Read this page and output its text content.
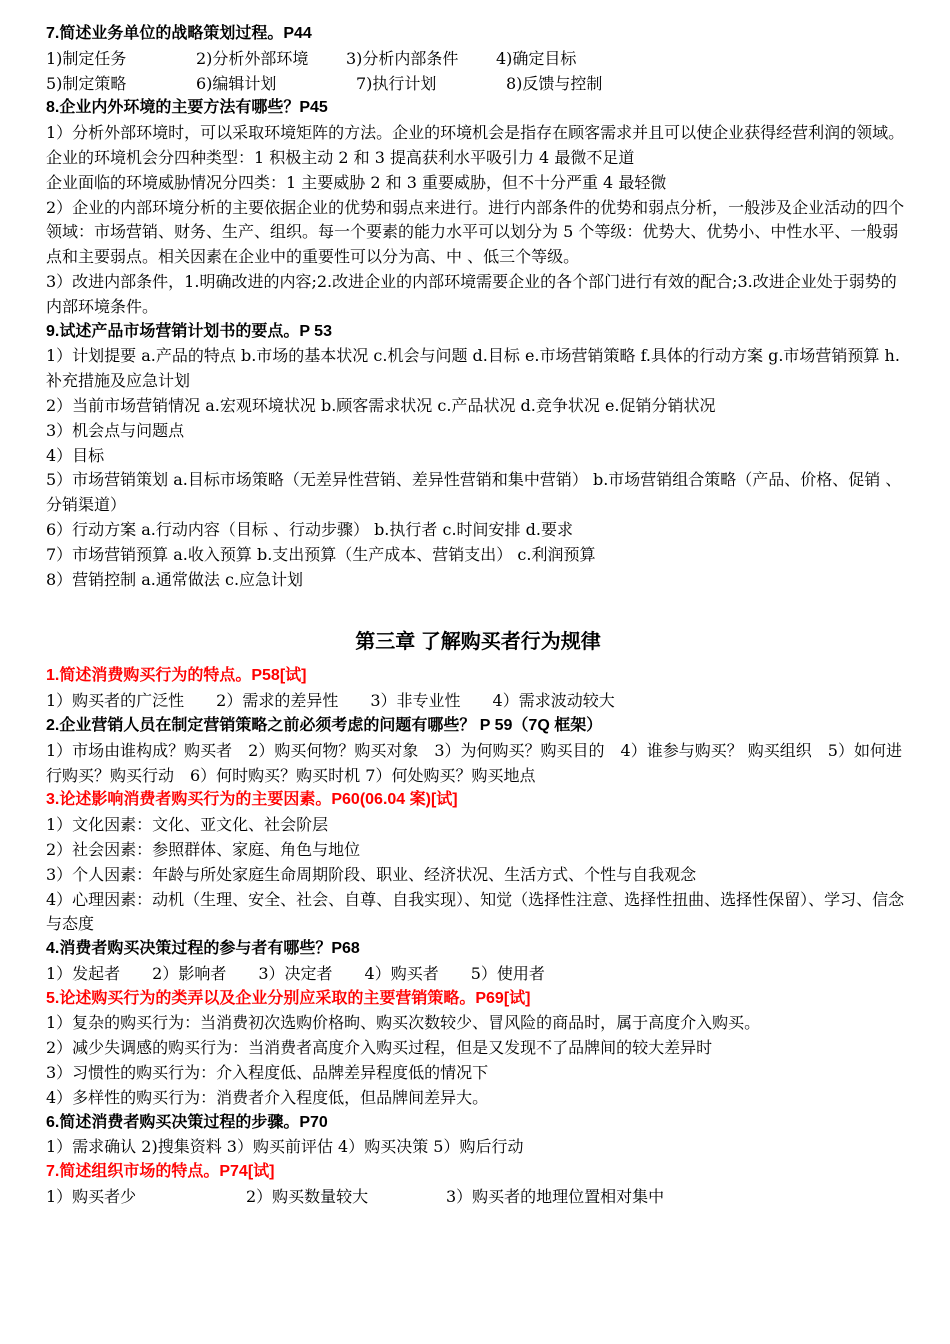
7.简述业务单位的战略策划过程。P44
1)制定任务	2)分析外部环境 3)分析内部条件 4)确定目标
5)制定策略	6)编辑计划	7)执行计划	8)反馈与控制
8.企业内外环境的主要方法有哪些？P45
1）分析外部环境时，可以采取环境矩阵的方法。企业的环境机会是指存在顾客需求并且可以使企业获得经营利润的领域。企业的环境机会分四种类型：1 积极主动 2 和 3 提高获利水平吸引力 4 最微不足道
企业面临的环境威胁情况分四类：1 主要威胁 2 和 3 重要威胁，但不十分严重 4 最轻微
2）企业的内部环境分析的主要依据企业的优势和弱点来进行。进行内部条件的优势和弱点分析，一般涉及企业活动的四个领域：市场营销、财务、生产、组织。每一个要素的能力水平可以划分为 5 个等级：优势大、优势小、中性水平、一般弱点和主要弱点。相关因素在企业中的重要性可以分为高、中 、低三个等级。
3）改进内部条件，1.明确改进的内容;2.改进企业的内部环境需要企业的各个部门进行有效的配合;3.改进企业处于弱势的内部环境条件。
9.试述产品市场营销计划书的要点。P 53
1）计划提要 a.产品的特点 b.市场的基本状况 c.机会与问题 d.目标 e.市场营销策略 f.具体的行动方案 g.市场营销预算 h.补充措施及应急计划
2）当前市场营销情况 a.宏观环境状况 b.顾客需求状况 c.产品状况 d.竞争状况 e.促销分销状况
3）机会点与问题点
4）目标
5）市场营销策划 a.目标市场策略（无差异性营销、差异性营销和集中营销） b.市场营销组合策略（产品、价格、促销 、分销渠道）
6）行动方案 a.行动内容（目标 、行动步骤） b.执行者 c.时间安排 d.要求
7）市场营销预算 a.收入预算 b.支出预算（生产成本、营销支出） c.利润预算
8）营销控制 a.通常做法 c.应急计划
第三章 了解购买者行为规律
1.简述消费购买行为的特点。P58[试]
1）购买者的广泛性　　2）需求的差异性　　3）非专业性　　4）需求波动较大
2.企业营销人员在制定营销策略之前必须考虑的问题有哪些？ P 59（7Q 框架）
1）市场由谁构成？购买者　2）购买何物？购买对象　3）为何购买？购买目的　4）谁参与购买？ 购买组织　5）如何进行购买？购买行动　6）何时购买？购买时机 7）何处购买？购买地点
3.论述影响消费者购买行为的主要因素。P60(06.04 案)[试]
1）文化因素：文化、亚文化、社会阶层
2）社会因素：参照群体、家庭、角色与地位
3）个人因素：年龄与所处家庭生命周期阶段、职业、经济状况、生活方式、个性与自我观念
4）心理因素：动机（生理、安全、社会、自尊、自我实现）、知觉（选择性注意、选择性扭曲、选择性保留）、学习、信念与态度
4.消费者购买决策过程的参与者有哪些？P68
1）发起者　　2）影响者　　3）决定者　　4）购买者　　5）使用者
5.论述购买行为的类弄以及企业分别应采取的主要营销策略。P69[试]
1）复杂的购买行为：当消费初次选购价格昫、购买次数较少、冒风险的商品时，属于高度介入购买。
2）减少失调感的购买行为：当消费者高度介入购买过程，但是又发现不了品牌间的较大差异时
3）习惯性的购买行为：介入程度低、品牌差异程度低的情况下
4）多样性的购买行为：消费者介入程度低，但品牌间差异大。
6.简述消费者购买决策过程的步骤。P70
1）需求确认 2)搜集资料 3）购买前评估 4）购买决策 5）购后行动
7.简述组织市场的特点。P74[试]
1）购买者少	2）购买数量较大	3）购买者的地理位置相对集中
